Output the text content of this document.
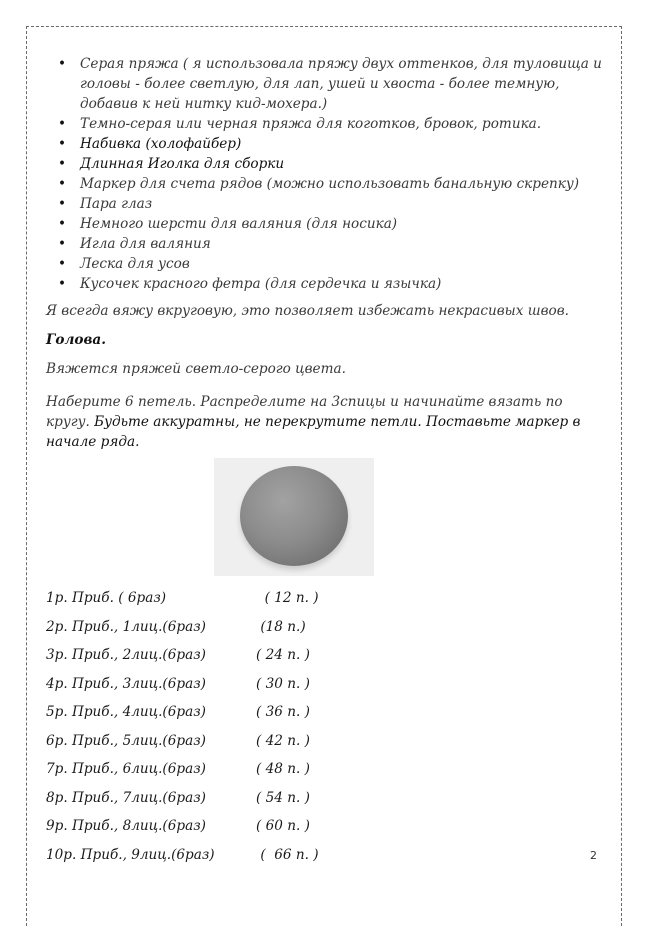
• Серая пряжа ( я использовала пряжу двух оттенков, для туловища и головы - более светлую, для лап, ушей и хвоста - более темную, добавив к ней нитку кид-мохера.)
• Темно-серая или черная пряжа для коготков, бровок, ротика.
• Набивка (холофайбер)
• Длинная Иголка для сборки
• Маркер для счета рядов (можно использовать банальную скрепку)
• Пара глаз
• Немного шерсти для валяния (для носика)
• Игла для валяния
• Леска для усов
• Кусочек красного фетра (для сердечка и язычка)

Я всегда вяжу вкруговую, это позволяет избежать некрасивых швов.

Голова.

Вяжется пряжей светло-серого цвета.

Наберите 6 петель. Распределите на 3спицы и начинайте вязать по кругу. Будьте аккуратны, не перекрутите петли. Поставьте маркер в начале ряда.

1р. Приб. ( 6раз)	( 12 п. )
2р. Приб., 1лиц.(6раз)	(18 п.)
3р. Приб., 2лиц.(6раз)	( 24 п. )
4р. Приб., 3лиц.(6раз)	( 30 п. )
5р. Приб., 4лиц.(6раз)	( 36 п. )
6р. Приб., 5лиц.(6раз)	( 42 п. )
7р. Приб., 6лиц.(6раз)	( 48 п. )
8р. Приб., 7лиц.(6раз)	( 54 п. )
9р. Приб., 8лиц.(6раз)	( 60 п. )
10р. Приб., 9лиц.(6раз)	(  66 п. )	2
